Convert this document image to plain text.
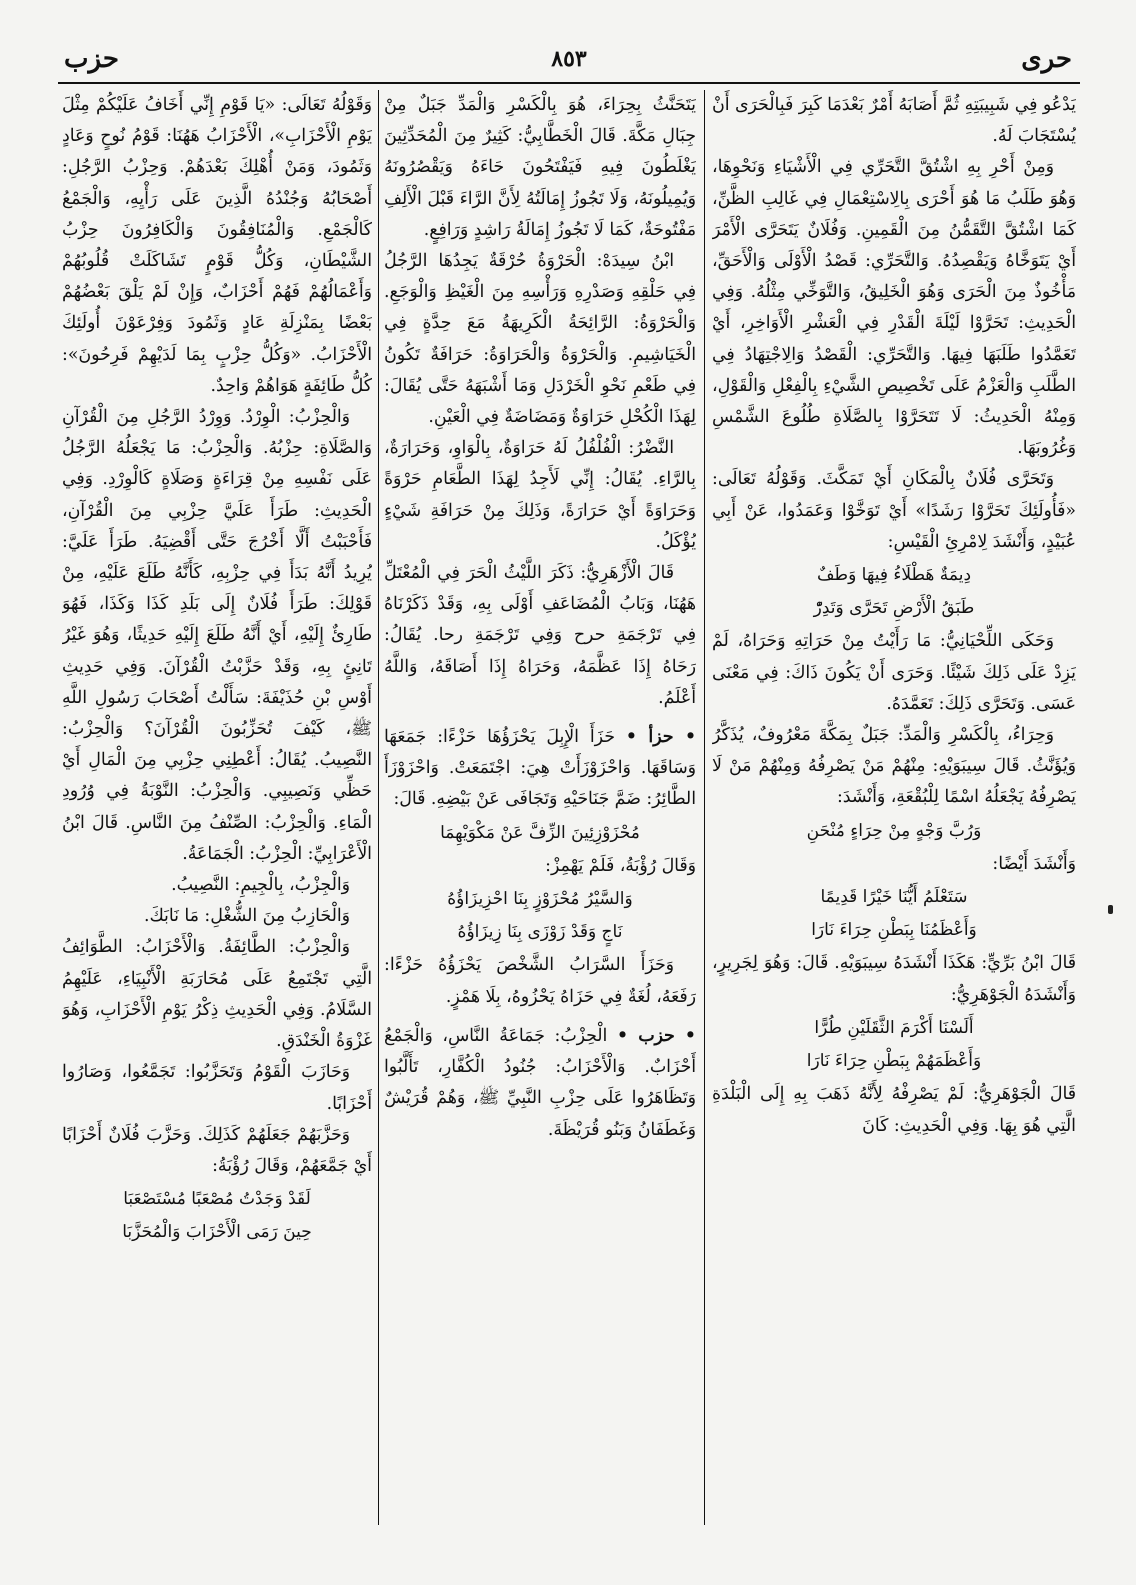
حزب	٨٥٣	حرى

يَدْعُو فِي شَبِيبَتِهِ ثُمَّ أَصَابَهُ أَمْرٌ بَعْدَمَا كَبِرَ فَبِالْحَرَى أَنْ يُسْتَجَابَ لَهُ.

وَمِنْ أَحْرِ بِهِ اشْتُقَّ التَّحَرِّي فِي الْأَشْيَاءِ وَنَحْوِهَا، وَهُوَ طَلَبُ مَا هُوَ أَحْرَى بِالِاسْتِعْمَالِ فِي غَالِبِ الظَّنِّ، كَمَا اشْتُقَّ التَّقَمُّنُ مِنَ الْقَمِينِ. وَفُلَانٌ يَتَحَرَّى الْأَمْرَ أَيْ يَتَوَخَّاهُ وَيَقْصِدُهُ. وَالتَّحَرِّي: قَصْدُ الْأَوْلَى وَالْأَحَقِّ، مَأْخُوذٌ مِنَ الْحَرَى وَهُوَ الْخَلِيقُ، وَالتَّوَخِّي مِثْلُهُ. وَفِي الْحَدِيثِ: تَحَرَّوْا لَيْلَةَ الْقَدْرِ فِي الْعَشْرِ الْأَوَاخِرِ، أَيْ تَعَمَّدُوا طَلَبَهَا فِيهَا. وَالتَّحَرِّي: الْقَصْدُ وَالِاجْتِهَادُ فِي الطَّلَبِ وَالْعَزْمُ عَلَى تَخْصِيصِ الشَّيْءِ بِالْفِعْلِ وَالْقَوْلِ، وَمِنْهُ الْحَدِيثُ: لَا تَتَحَرَّوْا بِالصَّلَاةِ طُلُوعَ الشَّمْسِ وَغُرُوبَهَا.

وَتَحَرَّى فُلَانٌ بِالْمَكَانِ أَيْ تَمَكَّثَ. وَقَوْلُهُ تَعَالَى: «فَأُولَئِكَ تَحَرَّوْا رَشَدًا» أَيْ تَوَخَّوْا وَعَمَدُوا، عَنْ أَبِي عُبَيْدٍ، وَأَنْشَدَ لِامْرِئِ الْقَيْسِ:

دِيمَةٌ هَطْلَاءُ فِيهَا وَطَفٌ
طَبَقُ الْأَرْضِ تَحَرَّى وَتَدِرّْ

وَحَكَى اللِّحْيَانِيُّ: مَا رَأَيْتُ مِنْ حَرَاتِهِ وَحَرَاهُ، لَمْ يَزِدْ عَلَى ذَلِكَ شَيْئًا. وَحَرَى أَنْ يَكُونَ ذَاكَ: فِي مَعْنَى عَسَى. وَتَحَرَّى ذَلِكَ: تَعَمَّدَهُ.

وَحِرَاءُ، بِالْكَسْرِ وَالْمَدِّ: جَبَلٌ بِمَكَّةَ مَعْرُوفٌ، يُذَكَّرُ وَيُؤَنَّثُ. قَالَ سِيبَوَيْهِ: مِنْهُمْ مَنْ يَصْرِفُهُ وَمِنْهُمْ مَنْ لَا يَصْرِفُهُ يَجْعَلُهُ اسْمًا لِلْبُقْعَةِ، وَأَنْشَدَ:

وَرُبَّ وَجْهٍ مِنْ حِرَاءٍ مُنْحَنِ

وَأَنْشَدَ أَيْضًا:

سَتَعْلَمُ أَيُّنَا خَيْرًا قَدِيمًا
وَأَعْظَمُنَا بِبَطْنِ حِرَاءَ نَارَا

قَالَ ابْنُ بَرِّيٍّ: هَكَذَا أَنْشَدَهُ سِيبَوَيْهِ. قَالَ: وَهُوَ لِجَرِيرٍ، وَأَنْشَدَهُ الْجَوْهَرِيُّ:

أَلَسْنَا أَكْرَمَ الثَّقَلَيْنِ طُرًّا
وَأَعْظَمَهُمْ بِبَطْنِ حِرَاءَ نَارَا

قَالَ الْجَوْهَرِيُّ: لَمْ يَصْرِفْهُ لِأَنَّهُ ذَهَبَ بِهِ إِلَى الْبَلْدَةِ الَّتِي هُوَ بِهَا. وَفِي الْحَدِيثِ: كَانَ

يَتَحَنَّثُ بِحِرَاءَ، هُوَ بِالْكَسْرِ وَالْمَدِّ جَبَلٌ مِنْ جِبَالِ مَكَّةَ. قَالَ الْخَطَّابِيُّ: كَثِيرٌ مِنَ الْمُحَدِّثِينَ يَغْلَطُونَ فِيهِ فَيَفْتَحُونَ حَاءَهُ وَيَقْصُرُونَهُ وَيُمِيلُونَهُ، وَلَا تَجُوزُ إِمَالَتُهُ لِأَنَّ الرَّاءَ قَبْلَ الْأَلِفِ مَفْتُوحَةٌ، كَمَا لَا تَجُوزُ إِمَالَةُ رَاشِدٍ وَرَافِعٍ.

ابْنُ سِيدَهْ: الْحَرْوَةُ حُرْقَةٌ يَجِدُهَا الرَّجُلُ فِي حَلْقِهِ وَصَدْرِهِ وَرَأْسِهِ مِنَ الْغَيْظِ وَالْوَجَعِ. وَالْحَرْوَةُ: الرَّائِحَةُ الْكَرِيهَةُ مَعَ حِدَّةٍ فِي الْخَيَاشِيمِ. وَالْحَرْوَةُ وَالْحَرَاوَةُ: حَرَافَةٌ تَكُونُ فِي طَعْمِ نَحْوِ الْخَرْدَلِ وَمَا أَشْبَهَهُ حَتَّى يُقَالَ: لِهَذَا الْكُحْلِ حَرَاوَةٌ وَمَضَاضَةٌ فِي الْعَيْنِ.

النَّضْرُ: الْفُلْفُلُ لَهُ حَرَاوَةٌ، بِالْوَاوِ، وَحَرَارَةٌ، بِالرَّاءِ. يُقَالُ: إِنِّي لَأَجِدُ لِهَذَا الطَّعَامِ حَرْوَةً وَحَرَاوَةً أَيْ حَرَارَةً، وَذَلِكَ مِنْ حَرَافَةِ شَيْءٍ يُؤْكَلُ.

قَالَ الْأَزْهَرِيُّ: ذَكَرَ اللَّيْثُ الْحَرَ فِي الْمُعْتَلِّ هَهُنَا، وَبَابُ الْمُضَاعَفِ أَوْلَى بِهِ، وَقَدْ ذَكَرْنَاهُ فِي تَرْجَمَةِ حرح وَفِي تَرْجَمَةِ رحا. يُقَالُ: رَحَاهُ إِذَا عَظَّمَهُ، وَحَرَاهُ إِذَا أَصَاقَهُ، وَاللَّهُ أَعْلَمُ.

• حزأ • حَزَأَ الْإِبِلَ يَحْزَؤُهَا حَزْءًا: جَمَعَهَا وَسَاقَهَا. وَاحْزَوْزَأَتْ هِيَ: اجْتَمَعَتْ. وَاحْزَوْزَأَ الطَّائِرُ: ضَمَّ جَنَاحَيْهِ وَتَجَافَى عَنْ بَيْضِهِ. قَالَ:

مُحْزَوْزِئِينَ الزِّفَّ عَنْ مَكْوَيْهِمَا

وَقَالَ رُؤْبَةُ، فَلَمْ يَهْمِزْ:

وَالسَّيْرُ مُحْزَوْزٍ بِنَا احْزِيزَاؤُهُ
نَاجٍ وَقَدْ زَوْزَى بِنَا زِيزَاؤُهُ

وَحَزَأَ السَّرَابُ الشَّخْصَ يَحْزَؤُهُ حَزْءًا: رَفَعَهُ، لُغَةٌ فِي حَزَاهُ يَحْزُوهُ، بِلَا هَمْزٍ.

• حزب • الْحِزْبُ: جَمَاعَةُ النَّاسِ، وَالْجَمْعُ أَحْزَابٌ. وَالْأَحْزَابُ: جُنُودُ الْكُفَّارِ، تَأَلَّبُوا وَتَظَاهَرُوا عَلَى حِزْبِ النَّبِيِّ ﷺ، وَهُمْ قُرَيْشٌ وَغَطَفَانُ وَبَنُو قُرَيْظَةَ.

وَقَوْلُهُ تَعَالَى: «يَا قَوْمِ إِنِّي أَخَافُ عَلَيْكُمْ مِثْلَ يَوْمِ الْأَحْزَابِ»، الْأَحْزَابُ هَهُنَا: قَوْمُ نُوحٍ وَعَادٍ وَثَمُودَ، وَمَنْ أُهْلِكَ بَعْدَهُمْ. وَحِزْبُ الرَّجُلِ: أَصْحَابُهُ وَجُنْدُهُ الَّذِينَ عَلَى رَأْيِهِ، وَالْجَمْعُ كَالْجَمْعِ. وَالْمُنَافِقُونَ وَالْكَافِرُونَ حِزْبُ الشَّيْطَانِ، وَكُلُّ قَوْمٍ تَشَاكَلَتْ قُلُوبُهُمْ وَأَعْمَالُهُمْ فَهُمْ أَحْزَابٌ، وَإِنْ لَمْ يَلْقَ بَعْضُهُمْ بَعْضًا بِمَنْزِلَةِ عَادٍ وَثَمُودَ وَفِرْعَوْنَ أُولَئِكَ الْأَحْزَابُ. «وَكُلُّ حِزْبٍ بِمَا لَدَيْهِمْ فَرِحُونَ»: كُلُّ طَائِفَةٍ هَوَاهُمْ وَاحِدٌ.

وَالْحِزْبُ: الْوِرْدُ. وَوِرْدُ الرَّجُلِ مِنَ الْقُرْآنِ وَالصَّلَاةِ: حِزْبُهُ. وَالْحِزْبُ: مَا يَجْعَلُهُ الرَّجُلُ عَلَى نَفْسِهِ مِنْ قِرَاءَةٍ وَصَلَاةٍ كَالْوِرْدِ. وَفِي الْحَدِيثِ: طَرَأَ عَلَيَّ حِزْبِي مِنَ الْقُرْآنِ، فَأَحْبَبْتُ أَلَّا أَخْرُجَ حَتَّى أَقْضِيَهُ. طَرَأَ عَلَيَّ: يُرِيدُ أَنَّهُ بَدَأَ فِي حِزْبِهِ، كَأَنَّهُ طَلَعَ عَلَيْهِ، مِنْ قَوْلِكَ: طَرَأَ فُلَانٌ إِلَى بَلَدِ كَذَا وَكَذَا، فَهُوَ طَارِئٌ إِلَيْهِ، أَيْ أَنَّهُ طَلَعَ إِلَيْهِ حَدِيثًا، وَهُوَ غَيْرُ تَانِئٍ بِهِ، وَقَدْ حَزَّبْتُ الْقُرْآنَ. وَفِي حَدِيثِ أَوْسِ بْنِ حُذَيْفَةَ: سَأَلْتُ أَصْحَابَ رَسُولِ اللَّهِ ﷺ، كَيْفَ تُحَزِّبُونَ الْقُرْآنَ؟ وَالْحِزْبُ: النَّصِيبُ. يُقَالُ: أَعْطِنِي حِزْبِي مِنَ الْمَالِ أَيْ حَظِّي وَنَصِيبِي. وَالْحِزْبُ: النَّوْبَةُ فِي وُرُودِ الْمَاءِ. وَالْحِزْبُ: الصِّنْفُ مِنَ النَّاسِ. قَالَ ابْنُ الْأَعْرَابِيِّ: الْحِزْبُ: الْجَمَاعَةُ.

وَالْجِزْبُ، بِالْجِيمِ: النَّصِيبُ.

وَالْحَازِبُ مِنَ الشُّغْلِ: مَا نَابَكَ.

وَالْحِزْبُ: الطَّائِفَةُ. وَالْأَحْزَابُ: الطَّوَائِفُ الَّتِي تَجْتَمِعُ عَلَى مُحَارَبَةِ الْأَنْبِيَاءِ، عَلَيْهِمُ السَّلَامُ. وَفِي الْحَدِيثِ ذِكْرُ يَوْمِ الْأَحْزَابِ، وَهُوَ غَزْوَةُ الْخَنْدَقِ.

وَحَازَبَ الْقَوْمُ وَتَحَزَّبُوا: تَجَمَّعُوا، وَصَارُوا أَحْزَابًا.

وَحَزَّبَهُمْ جَعَلَهُمْ كَذَلِكَ. وَحَزَّبَ فُلَانٌ أَحْزَابًا أَيْ جَمَّعَهُمْ، وَقَالَ رُؤْبَةُ:

لَقَدْ وَجَدْتُ مُصْعَبًا مُسْتَصْعَبَا
حِينَ رَمَى الْأَحْزَابَ وَالْمُحَزَّبَا
